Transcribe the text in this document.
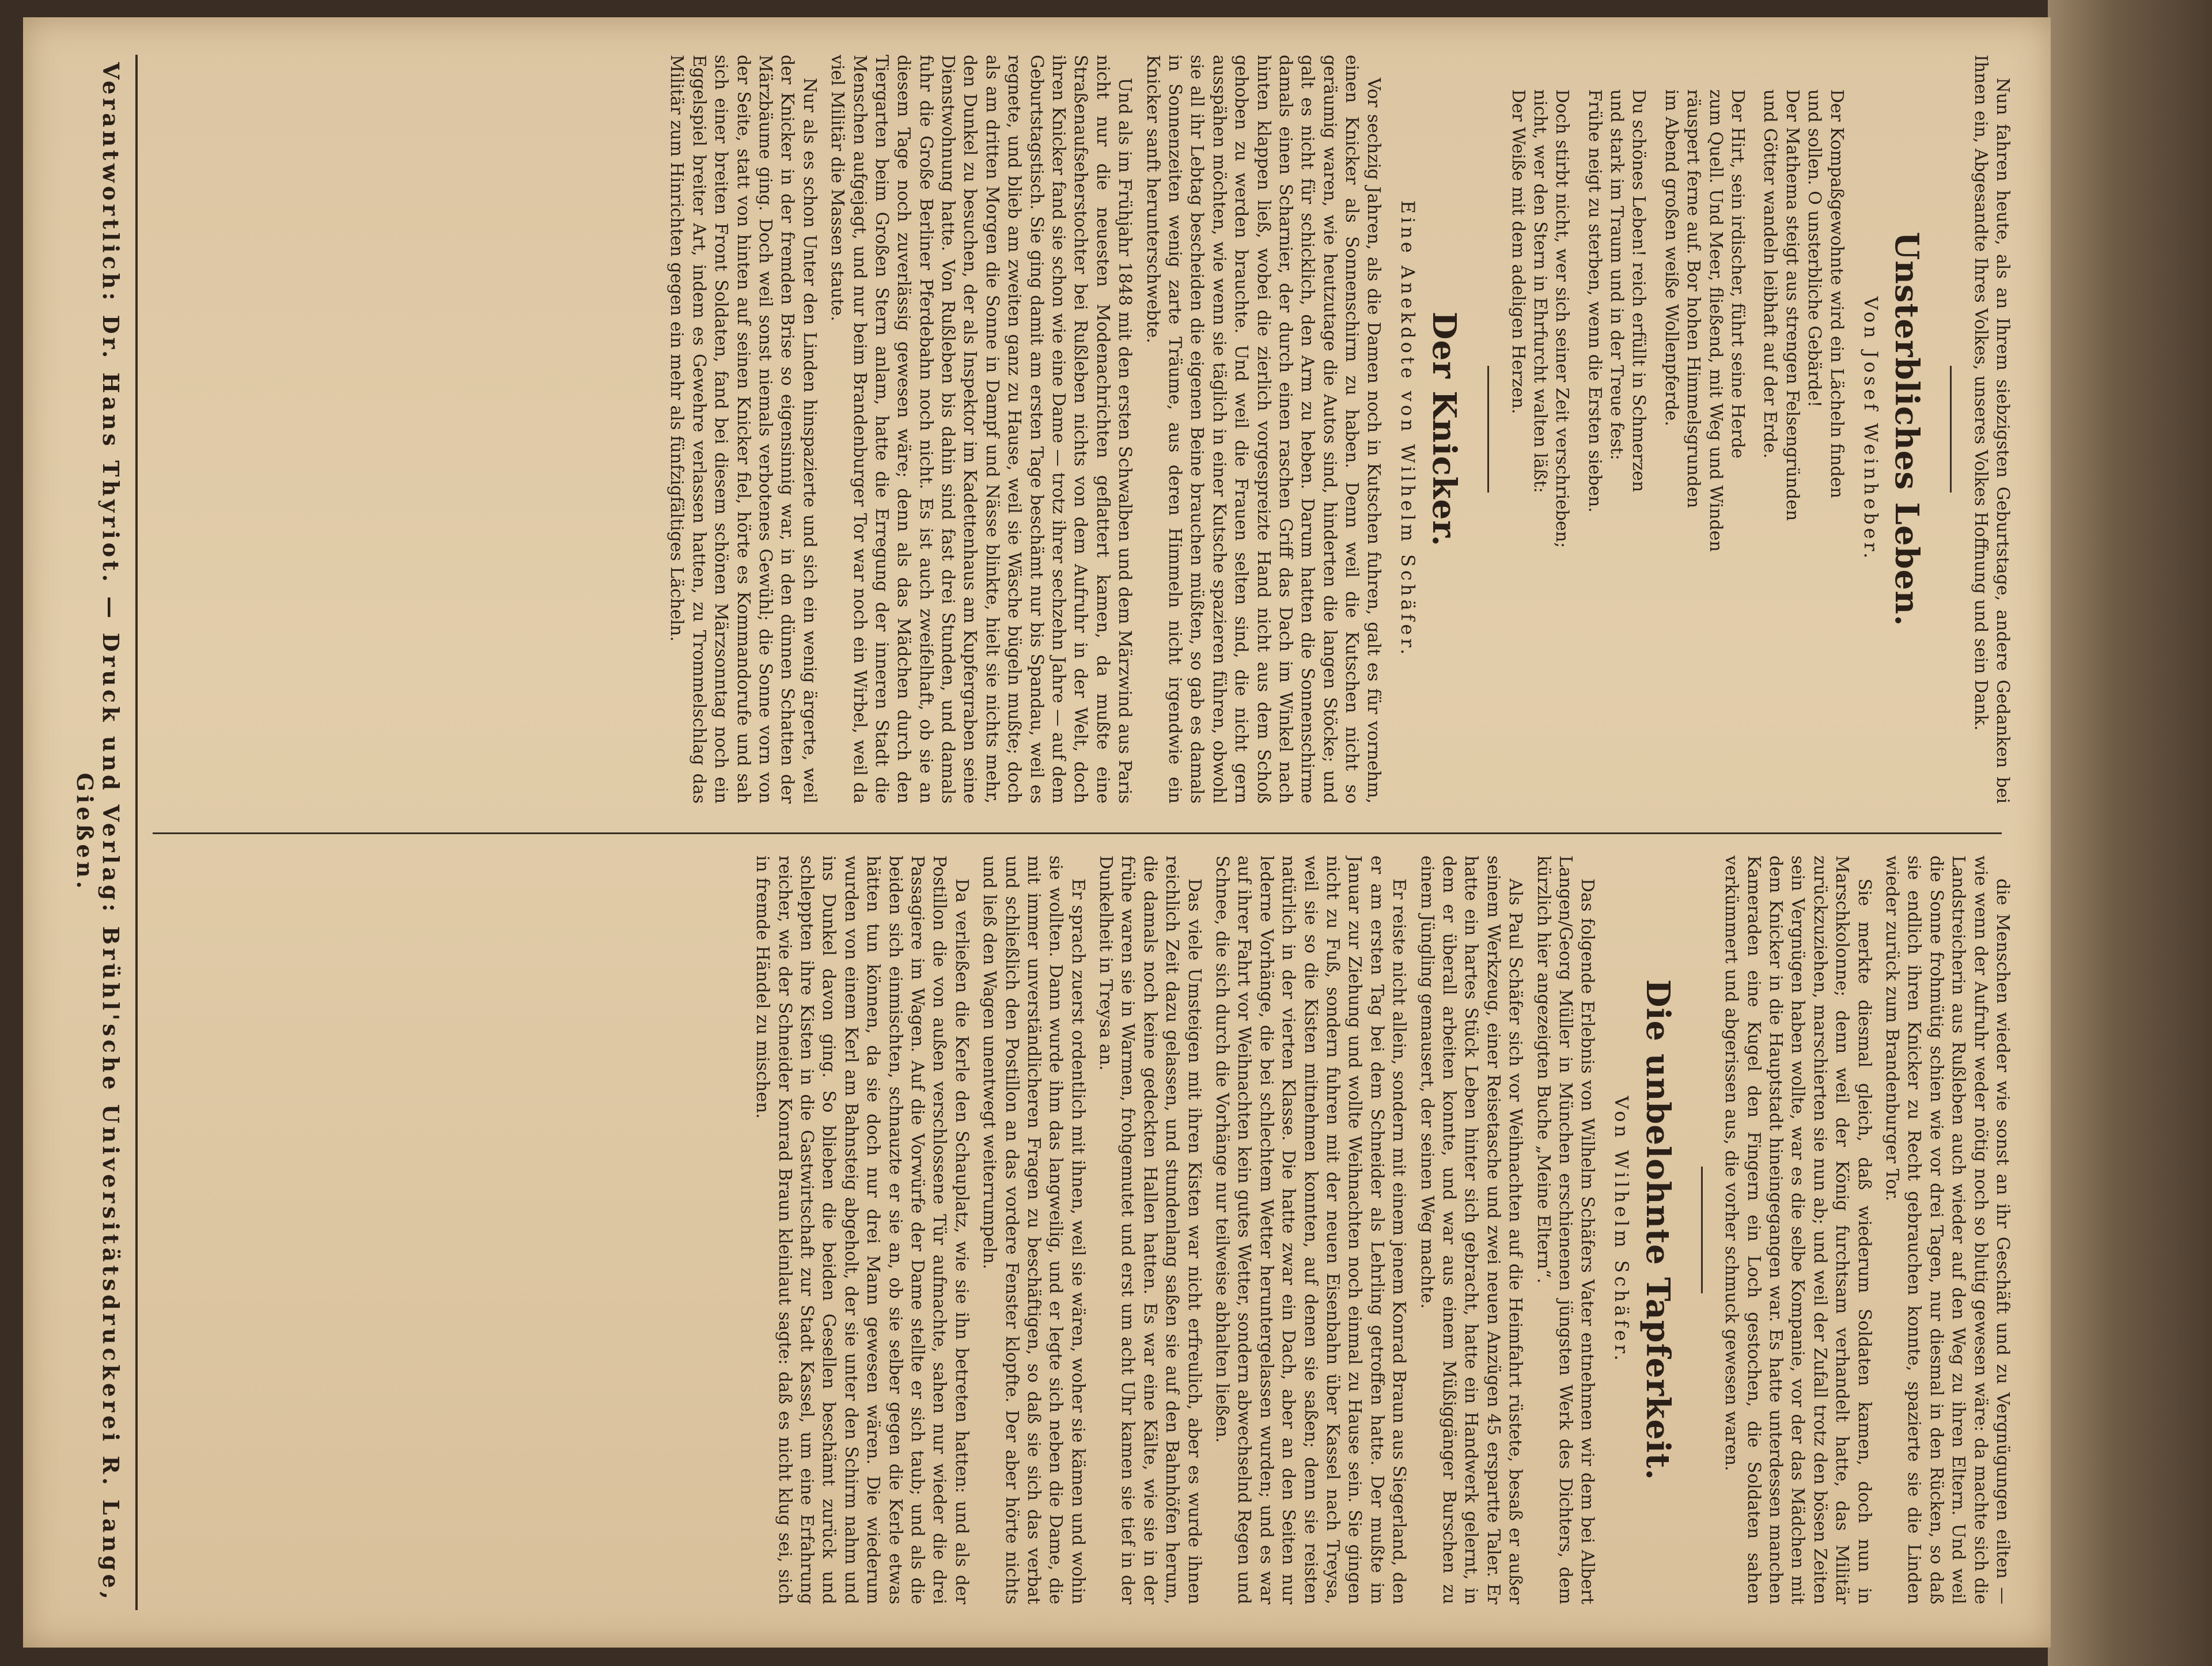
Nun fahren heute, als an Ihrem siebzigsten Geburtstage, andere Gedanken bei Ihnen ein, Abgesandte Ihres Volkes, unseres Volkes Hoffnung und sein Dank.

Unsterbliches Leben.
Von Josef Weinheber.

Der Kompaßgewohnte wird ein Lächeln finden

und sollen. O unsterbliche Gebärde!

Der Mathema steigt aus strengen Felsengründen

und Götter wandeln leibhaft auf der Erde.

Der Hirt, sein irdischer, führt seine Herde

zum Quell. Und Meer, fließend, mit Weg und Winden

räuspert ferne auf. Bor hohen Himmelsgrunden

im Abend großen weiße Wollenpferde.

Du schönes Leben! reich erfüllt in Schmerzen

und stark im Traum und in der Treue fest:

Frühe neigt zu sterben, wenn die Ersten sieben.

Doch stirbt nicht, wer sich seiner Zeit verschrieben;

nicht, wer den Stern in Ehrfurcht walten läßt:

Der Weiße mit dem adeligen Herzen.

Der Knicker.
Eine Anekdote von Wilhelm Schäfer.

Vor sechzig Jahren, als die Damen noch in Kutschen fuhren, galt es für vornehm, einen Knicker als Sonnenschirm zu haben. Denn weil die Kutschen nicht so geräumig waren, wie heutzutage die Autos sind, hinderten die langen Stöcke; und galt es nicht für schicklich, den Arm zu heben. Darum hatten die Sonnenschirme damals einen Scharnier, der durch einen raschen Griff das Dach im Winkel nach hinten klappen ließ, wobei die zierlich vorgespreizte Hand nicht aus dem Schoß gehoben zu werden brauchte. Und weil die Frauen selten sind, die nicht gern ausspähen möchten, wie wenn sie täglich in einer Kutsche spazieren führen, obwohl sie all ihr Lebtag bescheiden die eigenen Beine brauchen müßten, so gab es damals in Sonnenzeiten wenig zarte Träume, aus deren Himmeln nicht irgendwie ein Knicker sanft herunterschwebte.

Und als im Frühjahr 1848 mit den ersten Schwalben und dem Märzwind aus Paris nicht nur die neuesten Modenachrichten geflattert kamen, da mußte eine Straßenaufseherstochter bei Rußleben nichts von dem Aufruhr in der Welt, doch ihren Knicker fand sie schon wie eine Dame — trotz ihrer sechzehn Jahre — auf dem Geburtstagstisch. Sie ging damit am ersten Tage beschämt nur bis Spandau, weil es regnete, und blieb am zweiten ganz zu Hause, weil sie Wäsche bügeln mußte; doch als am dritten Morgen die Sonne in Dampf und Nässe blinkte, hielt sie nichts mehr, den Dunkel zu besuchen, der als Inspektor im Kadettenhaus am Kupfergraben seine Dienstwohnung hatte. Von Rußleben bis dahin sind fast drei Stunden, und damals fuhr die Große Berliner Pferdebahn noch nicht. Es ist auch zweifelhaft, ob sie an diesem Tage noch zuverlässig gewesen wäre; denn als das Mädchen durch den Tiergarten beim Großen Stern anlam, hatte die Erregung der inneren Stadt die Menschen aufgejagt, und nur beim Brandenburger Tor war noch ein Wirbel, weil da viel Militär die Massen staute.

Nur als es schon Unter den Linden hinspazierte und sich ein wenig ärgerte, weil der Knicker in der fremden Brise so eigensinnig war, in den dünnen Schatten der Märzbäume ging. Doch weil sonst niemals verbotenes Gewühl; die Sonne vorn von der Seite, statt von hinten auf seinen Knicker fiel, hörte es Kommandorufe und sah sich einer breiten Front Soldaten, fand bei diesem schönen Märzsonntag noch ein Eggelspiel breiter Art, indem es Gewehre verlassen hatten, zu Trommelschlag das Militär zum Hinrichten gegen ein mehr als fünfzigfältiges Lächeln.

die Menschen wieder wie sonst an ihr Geschäft und zu Vergnügungen eilten — wie wenn der Aufruhr weder nötig noch so blutig gewesen wäre: da machte sich die Landstreicherin aus Rußleben auch wieder auf den Weg zu ihren Eltern. Und weil die Sonne frohmütig schien wie vor drei Tagen, nur diesmal in den Rücken, so daß sie endlich ihren Knicker zu Recht gebrauchen konnte, spazierte sie die Linden wieder zurück zum Brandenburger Tor.

Sie merkte diesmal gleich, daß wiederum Soldaten kamen, doch nun in Marschkolonne; denn weil der König furchtsam verhandelt hatte, das Militär zurückzuziehen, marschierten sie nun ab; und weil der Zufall trotz den bösen Zeiten sein Vergnügen haben wollte, war es die selbe Kompanie, vor der das Mädchen mit dem Knicker in die Hauptstadt hineingegangen war. Es hatte unterdessen manchen Kameraden eine Kugel den Fingern ein Loch gestochen, die Soldaten sahen verkümmert und abgerissen aus, die vorher schmuck gewesen waren.

Die unbelohnte Tapferkeit.
Von Wilhelm Schäfer.

Das folgende Erlebnis von Wilhelm Schäfers Vater entnehmen wir dem bei Albert Langen/Georg Müller in München erschienenen jüngsten Werk des Dichters, dem kürzlich hier angezeigten Buche „Meine Eltern“.

Als Paul Schäfer sich vor Weihnachten auf die Heimfahrt rüstete, besaß er außer seinem Werkzeug, einer Reisetasche und zwei neuen Anzügen 45 erspartte Taler. Er hatte ein hartes Stück Leben hinter sich gebracht, hatte ein Handwerk gelernt, in dem er überall arbeiten konnte, und war aus einem Müßiggänger Burschen zu einem Jüngling gemausert, der seinen Weg machte.

Er reiste nicht allein, sondern mit einem jenem Konrad Braun aus Siegerland, den er am ersten Tag bei dem Schneider als Lehrling getroffen hatte. Der mußte im Januar zur Ziehung und wollte Weihnachten noch einmal zu Hause sein. Sie gingen nicht zu Fuß, sondern fuhren mit der neuen Eisenbahn über Kassel nach Treysa, weil sie so die Kisten mitnehmen konnten, auf denen sie saßen; denn sie reisten natürlich in der vierten Klasse. Die hatte zwar ein Dach, aber an den Seiten nur lederne Vorhänge, die bei schlechtem Wetter heruntergelassen wurden; und es war auf ihrer Fahrt vor Weihnachten kein gutes Wetter, sondern abwechselnd Regen und Schnee, die sich durch die Vorhänge nur teilweise abhalten ließen.

Das viele Umsteigen mit ihren Kisten war nicht erfreulich, aber es wurde ihnen reichlich Zeit dazu gelassen, und stundenlang saßen sie auf den Bahnhöfen herum, die damals noch keine gedeckten Hallen hatten. Es war eine Kälte, wie sie in der frühe waren sie in Warmen, frohgemutet und erst um acht Uhr kamen sie tief in der Dunkelheit in Treysa an.

Er sprach zuerst ordentlich mit ihnen, weil sie wären, woher sie kämen und wohin sie wollten. Dann wurde ihm das langweilig, und er legte sich neben die Dame, die mit immer unverständlicheren Fragen zu beschäftigen, so daß sie sich das verbat und schließlich den Postillon an das vordere Fenster klopfte. Der aber hörte nichts und ließ den Wagen unentwegt weiterrumpeln.

Da verließen die Kerle den Schauplatz, wie sie ihn betreten hatten: und als der Postillon die von außen verschlossene Tür aufmachte, sahen nur wieder die drei Passagiere im Wagen. Auf die Vorwürfe der Dame stellte er sich taub; und als die beiden sich einmischten, schnauzte er sie an, ob sie selber gegen die Kerle etwas hätten tun können, da sie doch nur drei Mann gewesen wären. Die wiederum wurden von einem Kerl am Bahnsteig abgeholt, der sie unter den Schirm nahm und ins Dunkel davon ging. So blieben die beiden Gesellen beschämt zurück und schleppten ihre Kisten in die Gastwirtschaft zur Stadt Kassel, um eine Erfahrung reicher, wie der Schneider Konrad Braun kleinlaut sagte: daß es nicht klug sei, sich in fremde Händel zu mischen.

Verantwortlich: Dr. Hans Thyriot. — Druck und Verlag: Brühl'sche Universitätsdruckerei R. Lange, Gießen.
